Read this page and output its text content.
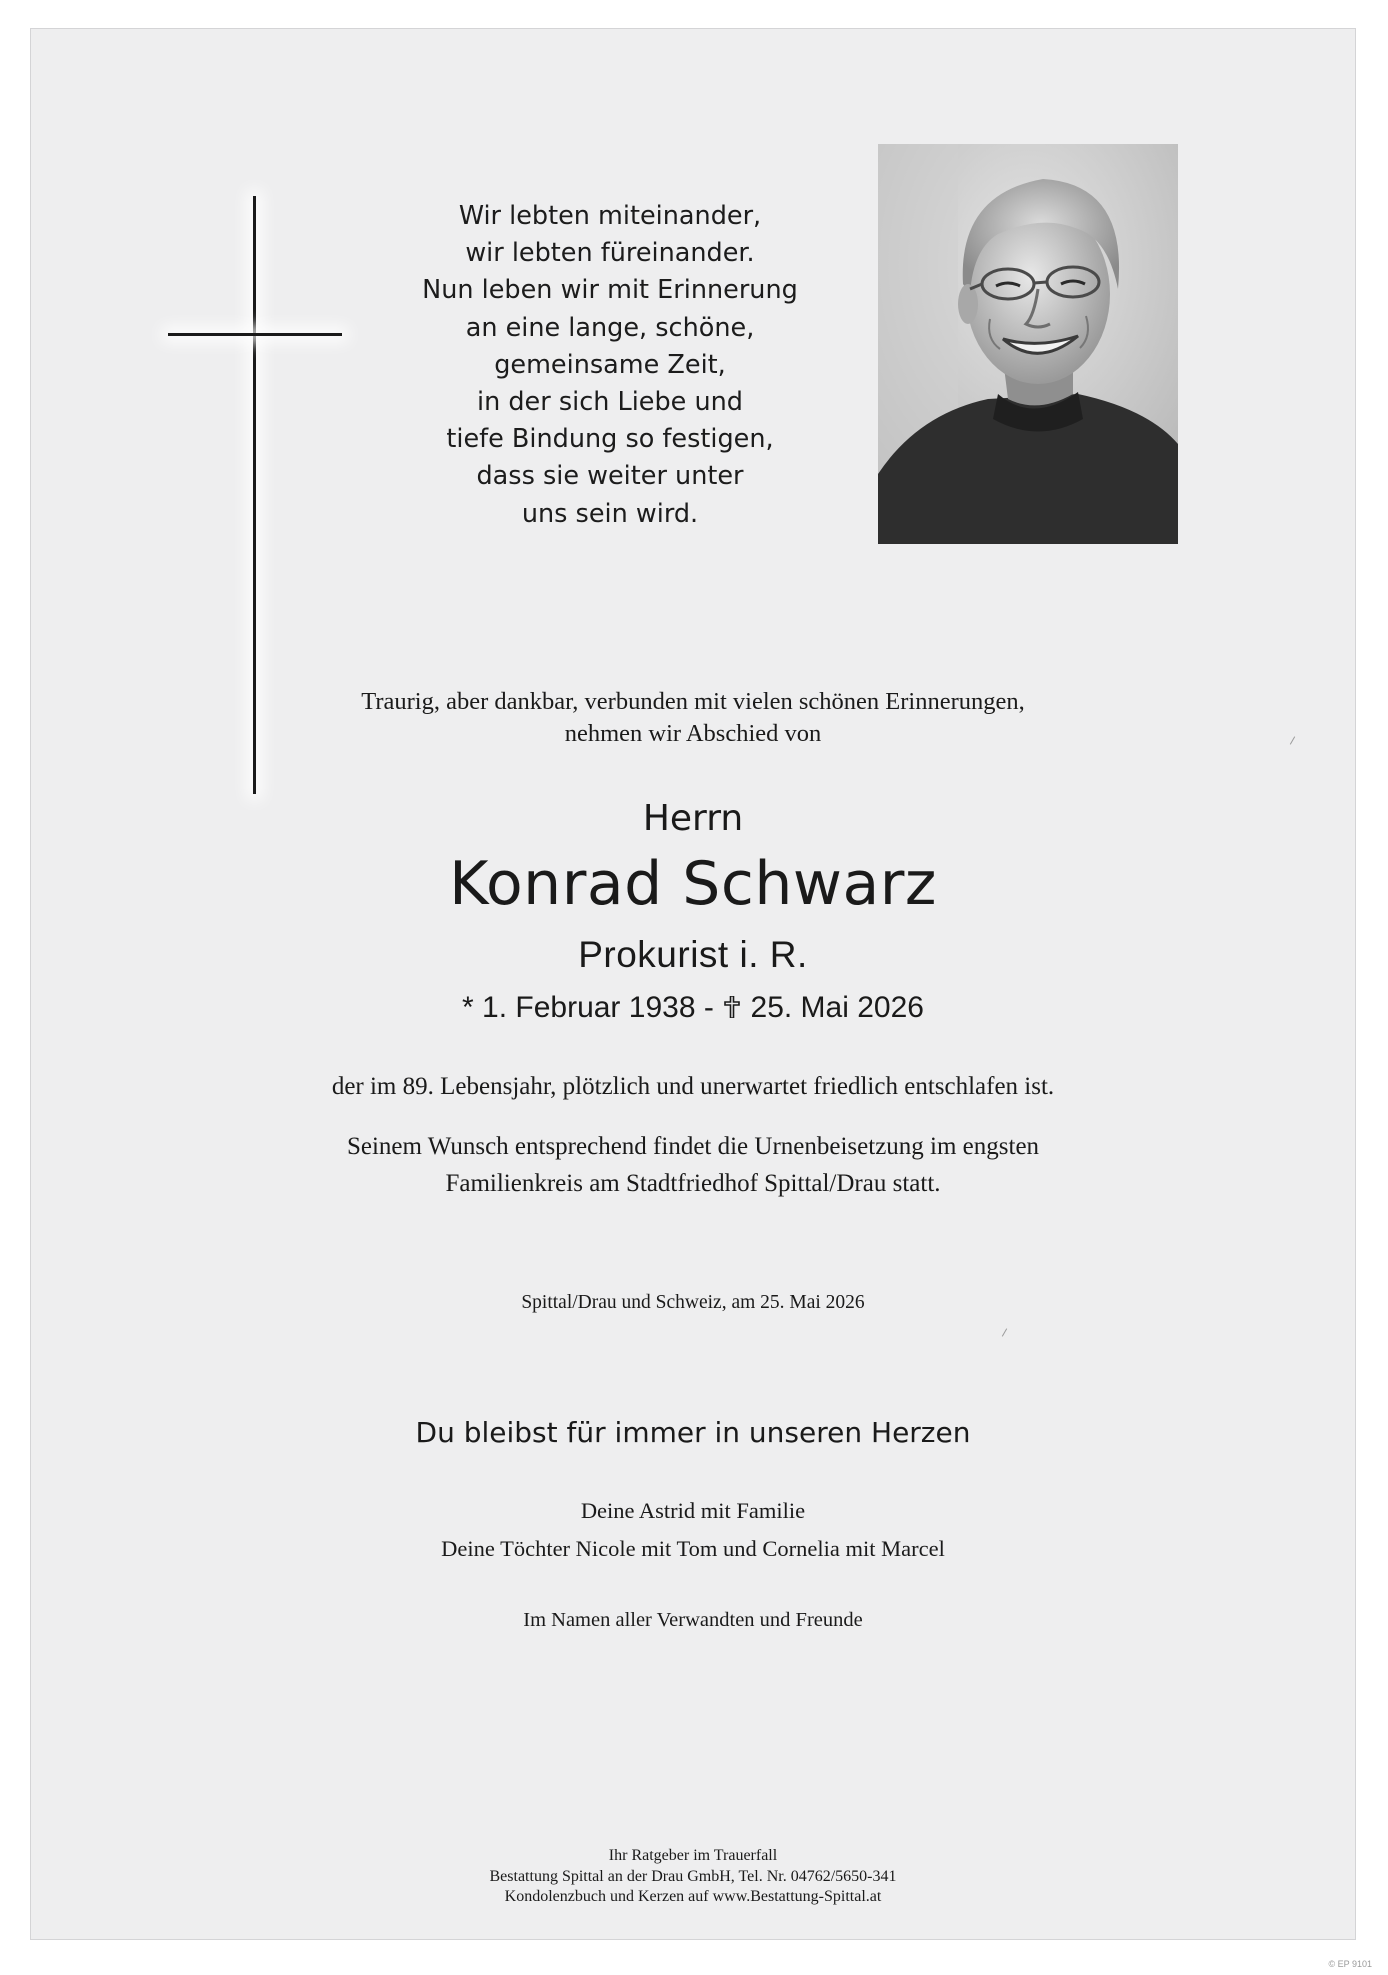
Wir lebten miteinander,
wir lebten füreinander.
Nun leben wir mit Erinnerung
an eine lange, schöne,
gemeinsame Zeit,
in der sich Liebe und
tiefe Bindung so festigen,
dass sie weiter unter
uns sein wird.
Traurig, aber dankbar, verbunden mit vielen schönen Erinnerungen,
nehmen wir Abschied von
Herrn
Konrad Schwarz
Prokurist i. R.
* 1. Februar 1938 - 25. Mai 2026
der im 89. Lebensjahr, plötzlich und unerwartet friedlich entschlafen ist.
Seinem Wunsch entsprechend findet die Urnenbeisetzung im engsten
Familienkreis am Stadtfriedhof Spittal/Drau statt.
Spittal/Drau und Schweiz, am 25. Mai 2026
Du bleibst für immer in unseren Herzen
Deine Astrid mit Familie
Deine Töchter Nicole mit Tom und Cornelia mit Marcel
Im Namen aller Verwandten und Freunde
Ihr Ratgeber im Trauerfall
Bestattung Spittal an der Drau GmbH, Tel. Nr. 04762/5650-341
Kondolenzbuch und Kerzen auf www.Bestattung-Spittal.at
© EP 9101
